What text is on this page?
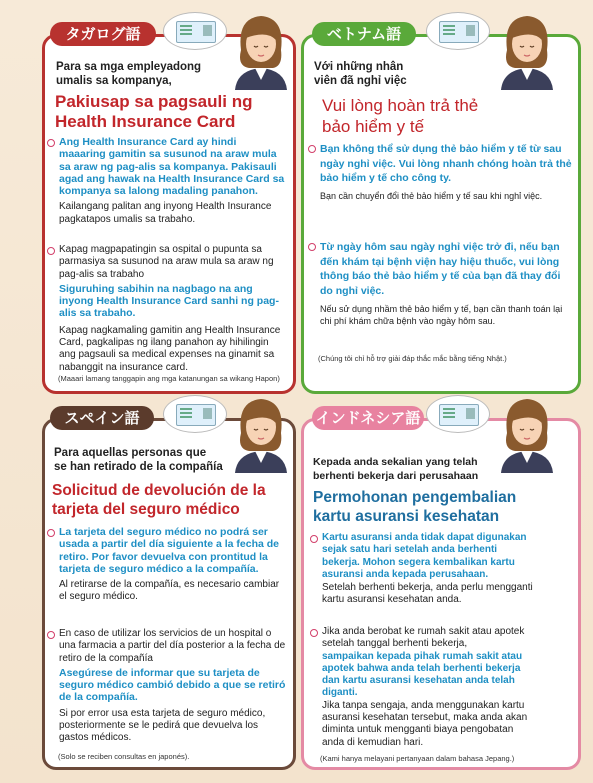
タガログ語	ベトナム語
スペイン語	インドネシア語
Para sa mga empleyadong
umalis sa kompanya,
Pakiusap sa pagsauli ng
Health Insurance Card
Ang Health Insurance Card ay hindi maaaring gamitin sa susunod na araw mula sa araw ng pag-alis sa kompanya. Pakisauli agad ang hawak na Health Insurance Card sa kompanya sa lalong madaling panahon.
Kailangang palitan ang inyong Health Insurance pagkatapos umalis sa trabaho.
Kapag magpapatingin sa ospital o pupunta sa parmasiya sa susunod na araw mula sa araw ng pag-alis sa trabaho
Siguruhing sabihin na nagbago na ang inyong Health Insurance Card sanhi ng pag-alis sa trabaho.
Kapag nagkamaling gamitin ang Health Insurance Card, pagkalipas ng ilang panahon ay hihilingin ang pagsauli sa medical expenses na ginamit sa nabanggit na insurance card.
(Maaari lamang tanggapin ang mga katanungan sa wikang Hapon)
Với những nhân
viên đã nghỉ việc
Vui lòng hoàn trả thẻ
bảo hiểm y tế
Bạn không thể sử dụng thẻ bảo hiểm y tế từ sau ngày nghỉ việc. Vui lòng nhanh chóng hoàn trả thẻ bảo hiểm y tế cho công ty.
Bạn cần chuyển đổi thẻ bảo hiểm y tế sau khi nghỉ việc.
Từ ngày hôm sau ngày nghỉ việc trở đi, nếu bạn đến khám tại bệnh viện hay hiệu thuốc, vui lòng thông báo thẻ bảo hiểm y tế của bạn đã thay đổi do nghỉ việc.
Nếu sử dụng nhầm thẻ bảo hiểm y tế, bạn cần thanh toán lại chi phí khám chữa bệnh vào ngày hôm sau.
(Chúng tôi chỉ hỗ trợ giải đáp thắc mắc bằng tiếng Nhật.)
Para aquellas personas que
se han retirado de la compañía
Solicitud de devolución de la
tarjeta del seguro médico
La tarjeta del seguro médico no podrá ser usada a partir del día siguiente a la fecha de retiro. Por favor devuelva con prontitud la tarjeta de seguro médico a la compañía.
Al retirarse de la compañía, es necesario cambiar el seguro médico.
En caso de utilizar los servicios de un hospital o una farmacia a partir del día posterior a la fecha de retiro de la compañía
Asegúrese de informar que su tarjeta de seguro médico cambió debido a que se retiró de la compañía.
Si por error usa esta tarjeta de seguro médico, posteriormente se le pedirá que devuelva los gastos médicos.
(Solo se reciben consultas en japonés).
Kepada anda sekalian yang telah
berhenti bekerja dari perusahaan
Permohonan pengembalian
kartu asuransi kesehatan
Kartu asuransi anda tidak dapat digunakan sejak satu hari setelah anda berhenti bekerja. Mohon segera kembalikan kartu asuransi anda kepada perusahaan.
Setelah berhenti bekerja, anda perlu mengganti kartu asuransi kesehatan anda.
Jika anda berobat ke rumah sakit atau apotek setelah tanggal berhenti bekerja,
sampaikan kepada pihak rumah sakit atau apotek bahwa anda telah berhenti bekerja dan kartu asuransi kesehatan anda telah diganti.
Jika tanpa sengaja, anda menggunakan kartu asuransi kesehatan tersebut, maka anda akan diminta untuk mengganti biaya pengobatan anda di kemudian hari.
(Kami hanya melayani pertanyaan dalam bahasa Jepang.)
